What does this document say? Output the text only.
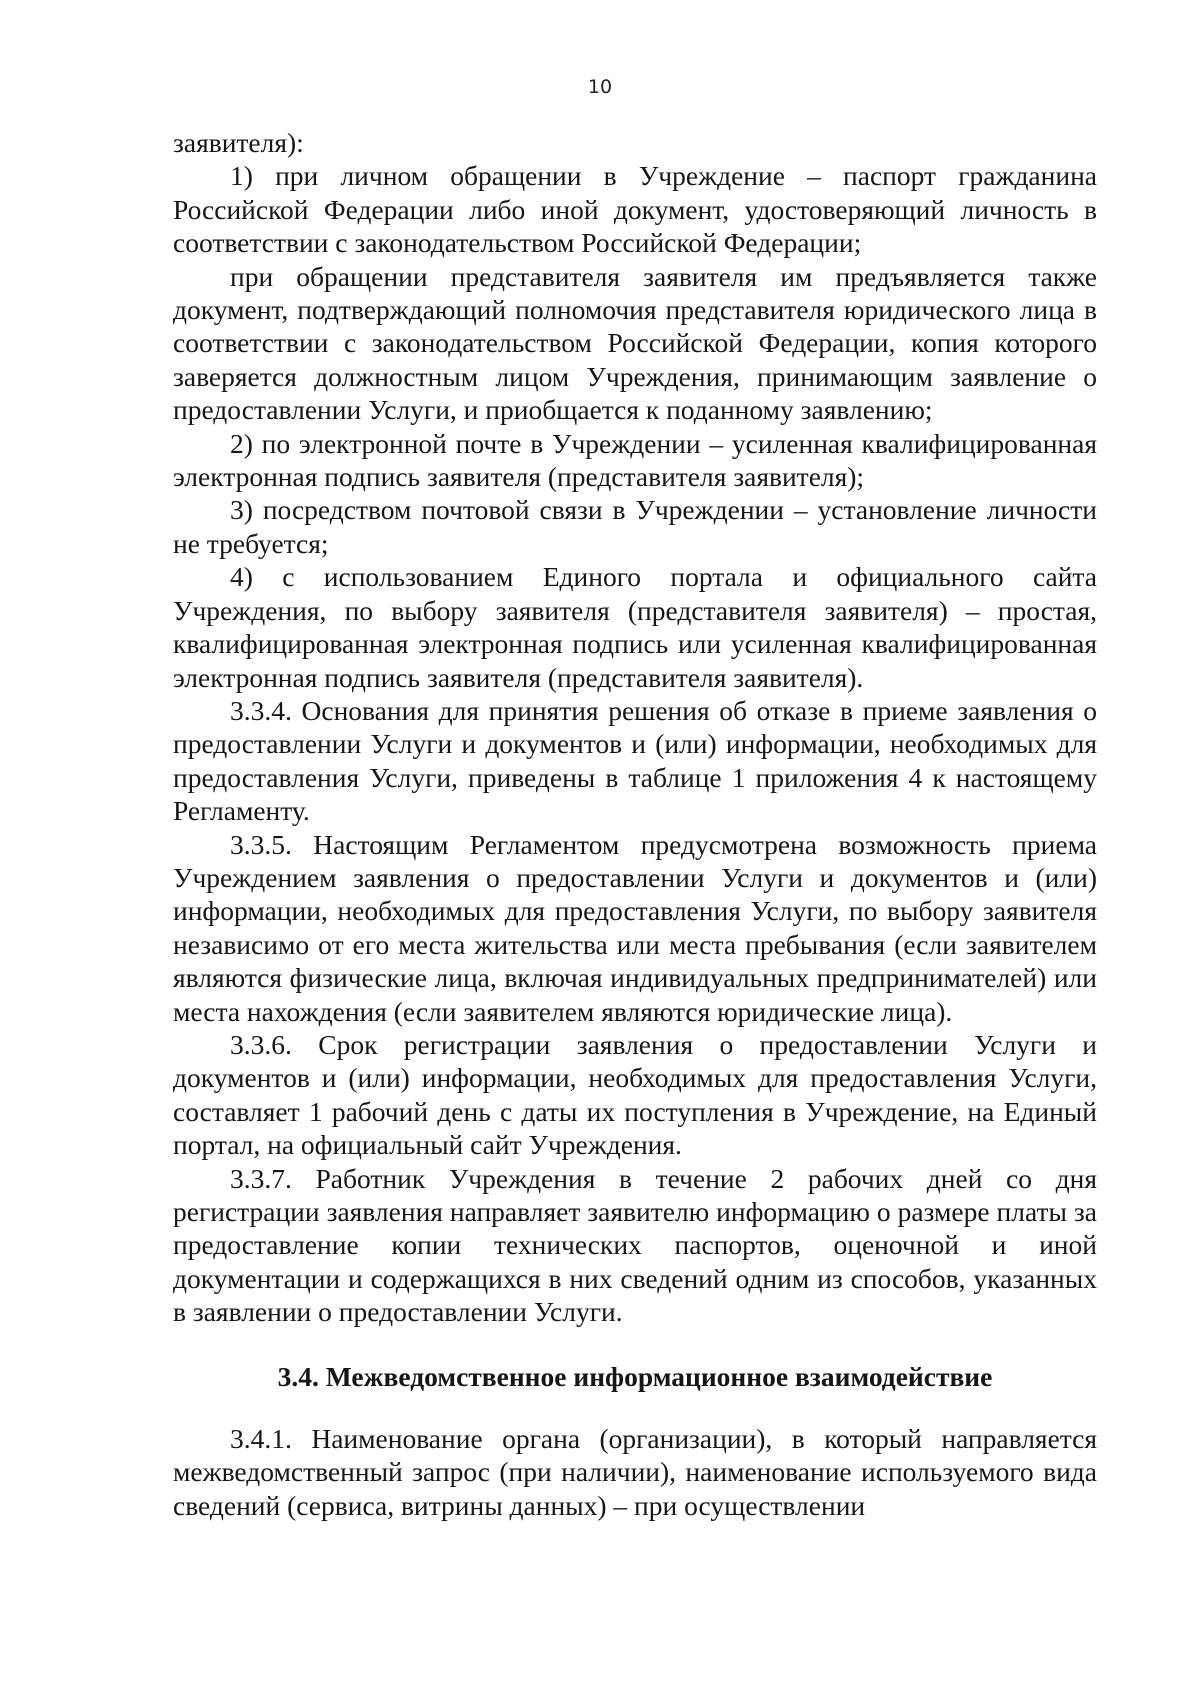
10

заявителя):

1) при личном обращении в Учреждение – паспорт гражданина Российской Федерации либо иной документ, удостоверяющий личность в соответствии с законодательством Российской Федерации;

при обращении представителя заявителя им предъявляется также документ, подтверждающий полномочия представителя юридического лица в соответствии с законодательством Российской Федерации, копия которого заверяется должностным лицом Учреждения, принимающим заявление о предоставлении Услуги, и приобщается к поданному заявлению;

2) по электронной почте в Учреждении – усиленная квалифицированная электронная подпись заявителя (представителя заявителя);

3) посредством почтовой связи в Учреждении – установление личности не требуется;

4) с использованием Единого портала и официального сайта Учреждения, по выбору заявителя (представителя заявителя) – простая, квалифицированная электронная подпись или усиленная квалифицированная электронная подпись заявителя (представителя заявителя).

3.3.4. Основания для принятия решения об отказе в приеме заявления о предоставлении Услуги и документов и (или) информации, необходимых для предоставления Услуги, приведены в таблице 1 приложения 4 к настоящему Регламенту.

3.3.5. Настоящим Регламентом предусмотрена возможность приема Учреждением заявления о предоставлении Услуги и документов и (или) информации, необходимых для предоставления Услуги, по выбору заявителя независимо от его места жительства или места пребывания (если заявителем являются физические лица, включая индивидуальных предпринимателей) или места нахождения (если заявителем являются юридические лица).

3.3.6. Срок регистрации заявления о предоставлении Услуги и документов и (или) информации, необходимых для предоставления Услуги, составляет 1 рабочий день с даты их поступления в Учреждение, на Единый портал, на официальный сайт Учреждения.

3.3.7. Работник Учреждения в течение 2 рабочих дней со дня регистрации заявления направляет заявителю информацию о размере платы за предоставление копии технических паспортов, оценочной и иной документации и содержащихся в них сведений одним из способов, указанных в заявлении о предоставлении Услуги.

3.4. Межведомственное информационное взаимодействие

3.4.1. Наименование органа (организации), в который направляется межведомственный запрос (при наличии), наименование используемого вида сведений (сервиса, витрины данных) – при осуществлении
